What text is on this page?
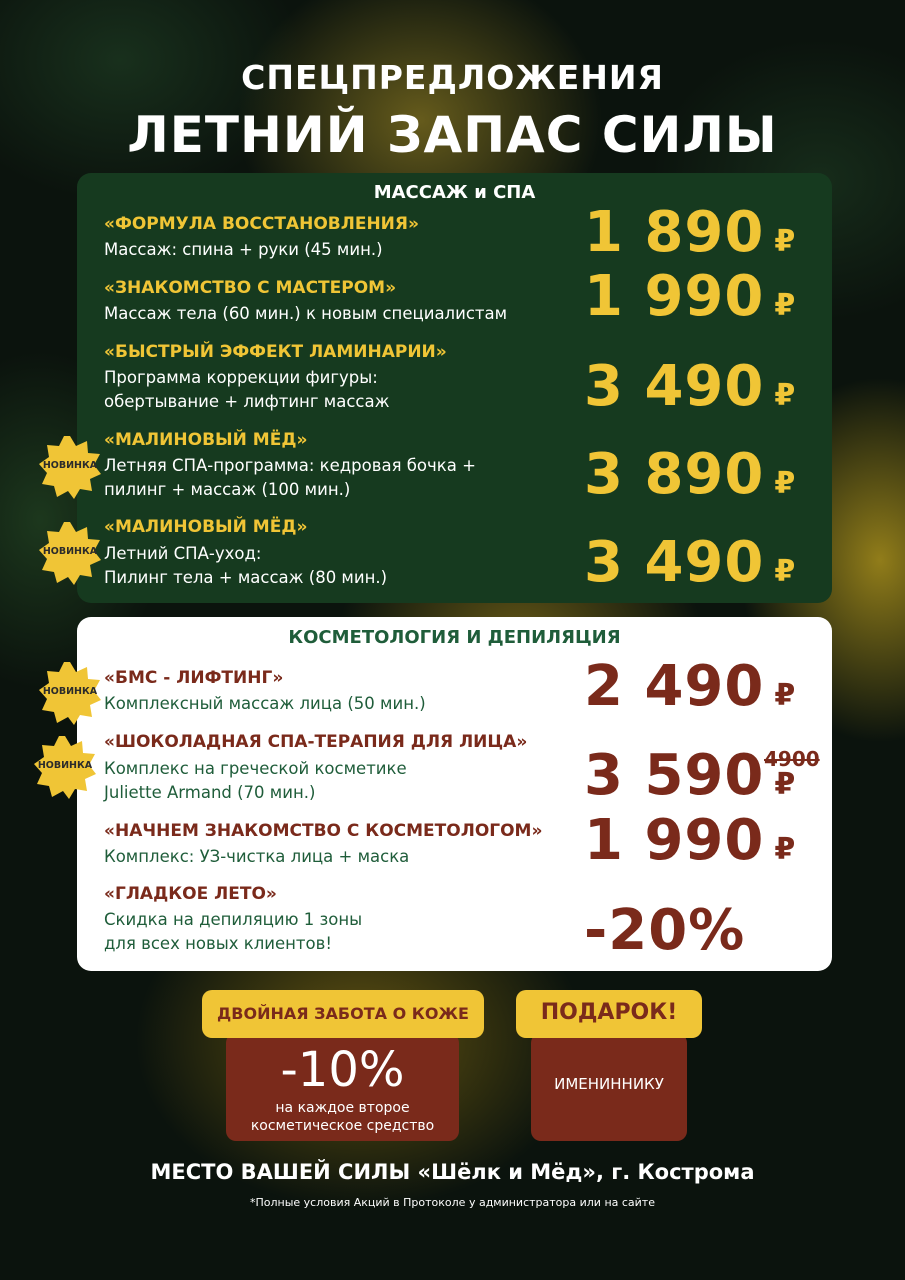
СПЕЦПРЕДЛОЖЕНИЯ
ЛЕТНИЙ ЗАПАС СИЛЫ
МАССАЖ и СПА
«ФОРМУЛА ВОССТАНОВЛЕНИЯ»
Массаж: спина + руки (45 мин.)	1 890 ₽
«ЗНАКОМСТВО С МАСТЕРОМ»
Массаж тела (60 мин.) к новым специалистам 1 990 ₽
«БЫСТРЫЙ ЭФФЕКТ ЛАМИНАРИИ»
Программа коррекции фигуры:
обертывание + лифтинг массаж	3 490 ₽
НОВИНКА
«МАЛИНОВЫЙ МЁД»
Летняя СПА-программа: кедровая бочка +
пилинг + массаж (100 мин.)	3 890 ₽
НОВИНКА
«МАЛИНОВЫЙ МЁД»
Летний СПА-уход:
Пилинг тела + массаж (80 мин.)	3 490 ₽
КОСМЕТОЛОГИЯ И ДЕПИЛЯЦИЯ
НОВИНКА
«БМС - ЛИФТИНГ»
Комплексный массаж лица (50 мин.)	2 490 ₽
НОВИНКА
«ШОКОЛАДНАЯ СПА-ТЕРАПИЯ ДЛЯ ЛИЦА»
Комплекс на греческой косметике
Juliette Armand (70 мин.)	3 590 ₽
4900
«НАЧНЕМ ЗНАКОМСТВО С КОСМЕТОЛОГОМ»
Комплекс: УЗ-чистка лица + маска	1 990 ₽
«ГЛАДКОЕ ЛЕТО»
Скидка на депиляцию 1 зоны
для всех новых клиентов!	-20%
ДВОЙНАЯ ЗАБОТА О КОЖЕ
-10%
на каждое второе
косметическое средство
ПОДАРОК!
ИМЕНИННИКУ
МЕСТО ВАШЕЙ СИЛЫ «Шёлк и Мёд», г. Кострома
*Полные условия Акций в Протоколе у администратора или на сайте
